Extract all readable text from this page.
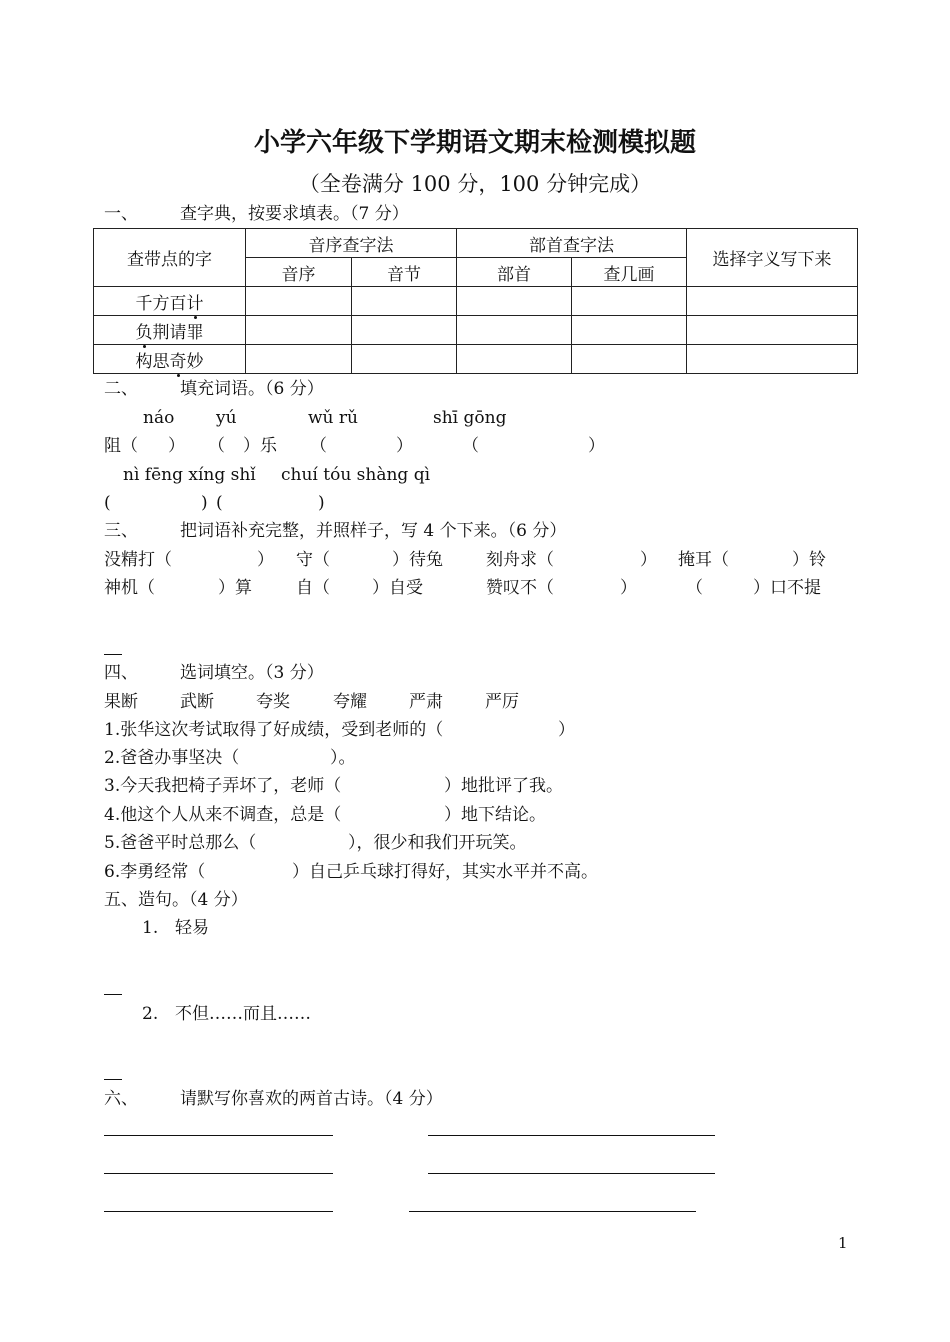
小学六年级下学期语文期末检测模拟题
（全卷满分 100 分，100 分钟完成）
一、 查字典，按要求填表。（7 分）
查带点的字	音序查字法		部首查字法		选择字义写下来
	音序	音节	部首	查几画	
千方百计					
负荆请罪					
构思奇妙					
二、 填充词语。（6 分）
náo yú	wǔ rǔ	shī gōng
阻（ ） （ ）乐 （	）	（	）
nì fēng xíng shǐ chuí tóu shàng qì
(	) (	)
三、 把词语补充完整，并照样子，写 4 个下来。（6 分）
没精打（	） 守（	）待兔	刻舟求（	） 掩耳（	）铃
神机（	）算	自（ ）自受	赞叹不（	）	（	）口不提
四、 选词填空。（3 分）
果断 武断 夸奖	夸耀 严肃 严厉
1.张华这次考试取得了好成绩，受到老师的（	）
2.爸爸办事坚决（	）。
3.今天我把椅子弄坏了，老师（	）地批评了我。
4.他这个人从来不调查，总是（	）地下结论。
5.爸爸平时总那么（	），很少和我们开玩笑。
6.李勇经常（	）自己乒乓球打得好，其实水平并不高。
五、造句。（4 分）
1. 轻易
2. 不但……而且……
六、 请默写你喜欢的两首古诗。（4 分）
1
